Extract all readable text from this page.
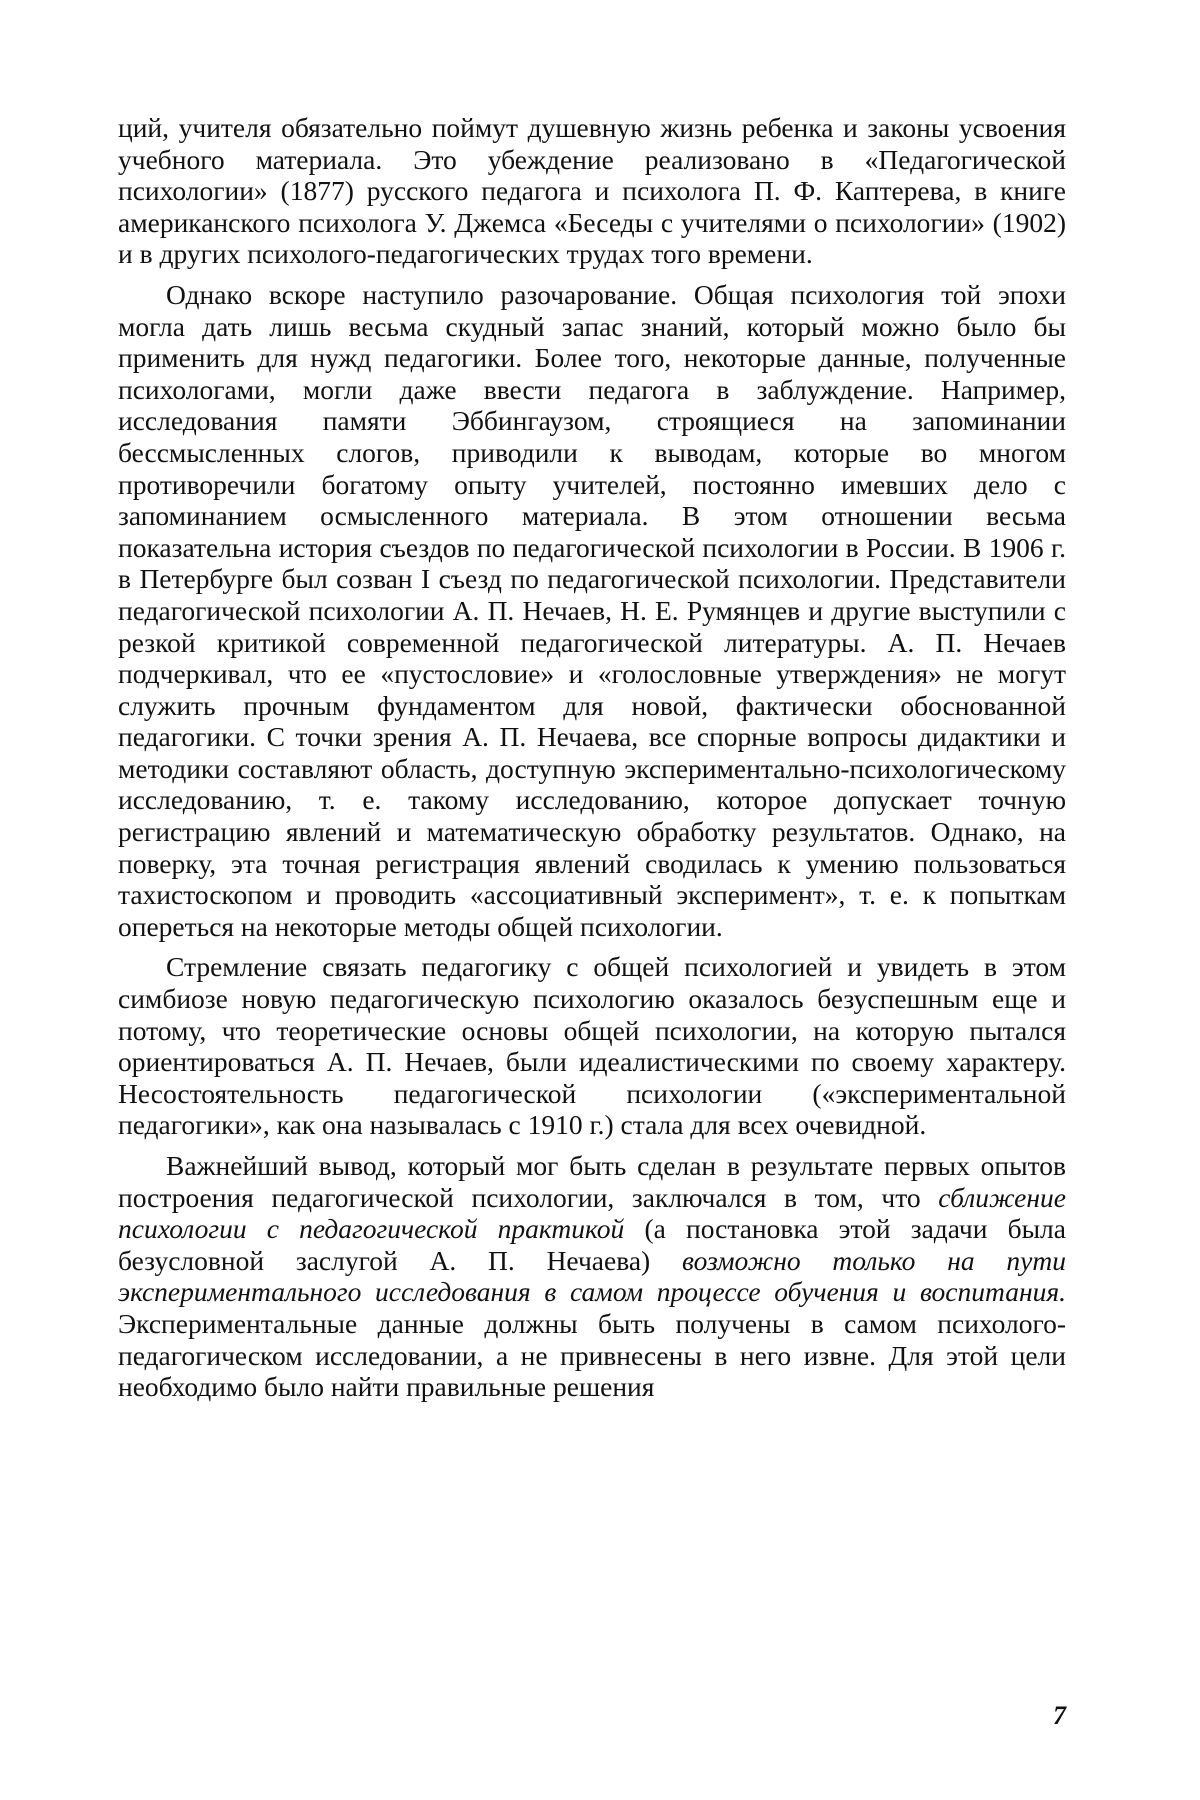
ций, учителя обязательно поймут душевную жизнь ребенка и законы усвоения учебного материала. Это убеждение реализовано в «Педагогической психологии» (1877) русского педагога и психолога П. Ф. Каптерева, в книге американского психолога У. Джемса «Беседы с учителями о психологии» (1902) и в других психолого-педагогических трудах того времени.

Однако вскоре наступило разочарование. Общая психология той эпохи могла дать лишь весьма скудный запас знаний, который можно было бы применить для нужд педагогики. Более того, некоторые данные, полученные психологами, могли даже ввести педагога в заблуждение. Например, исследования памяти Эббингаузом, строящиеся на запоминании бессмысленных слогов, приводили к выводам, которые во многом противоречили богатому опыту учителей, постоянно имевших дело с запоминанием осмысленного материала. В этом отношении весьма показательна история съездов по педагогической психологии в России. В 1906 г. в Петербурге был созван I съезд по педагогической психологии. Представители педагогической психологии А. П. Нечаев, Н. Е. Румянцев и другие выступили с резкой критикой современной педагогической литературы. А. П. Нечаев подчеркивал, что ее «пустословие» и «голословные утверждения» не могут служить прочным фундаментом для новой, фактически обоснованной педагогики. С точки зрения А. П. Нечаева, все спорные вопросы дидактики и методики составляют область, доступную экспериментально-психологическому исследованию, т. е. такому исследованию, которое допускает точную регистрацию явлений и математическую обработку результатов. Однако, на поверку, эта точная регистрация явлений сводилась к умению пользоваться тахистоскопом и проводить «ассоциативный эксперимент», т. е. к попыткам опереться на некоторые методы общей психологии.

Стремление связать педагогику с общей психологией и увидеть в этом симбиозе новую педагогическую психологию оказалось безуспешным еще и потому, что теоретические основы общей психологии, на которую пытался ориентироваться А. П. Нечаев, были идеалистическими по своему характеру. Несостоятельность педагогической психологии («экспериментальной педагогики», как она называлась с 1910 г.) стала для всех очевидной.

Важнейший вывод, который мог быть сделан в результате первых опытов построения педагогической психологии, заключался в том, что сближение психологии с педагогической практикой (а постановка этой задачи была безусловной заслугой А. П. Нечаева) возможно только на пути экспериментального исследования в самом процессе обучения и воспитания. Экспериментальные данные должны быть получены в самом психолого-педагогическом исследовании, а не привнесены в него извне. Для этой цели необходимо было найти правильные решения

7
